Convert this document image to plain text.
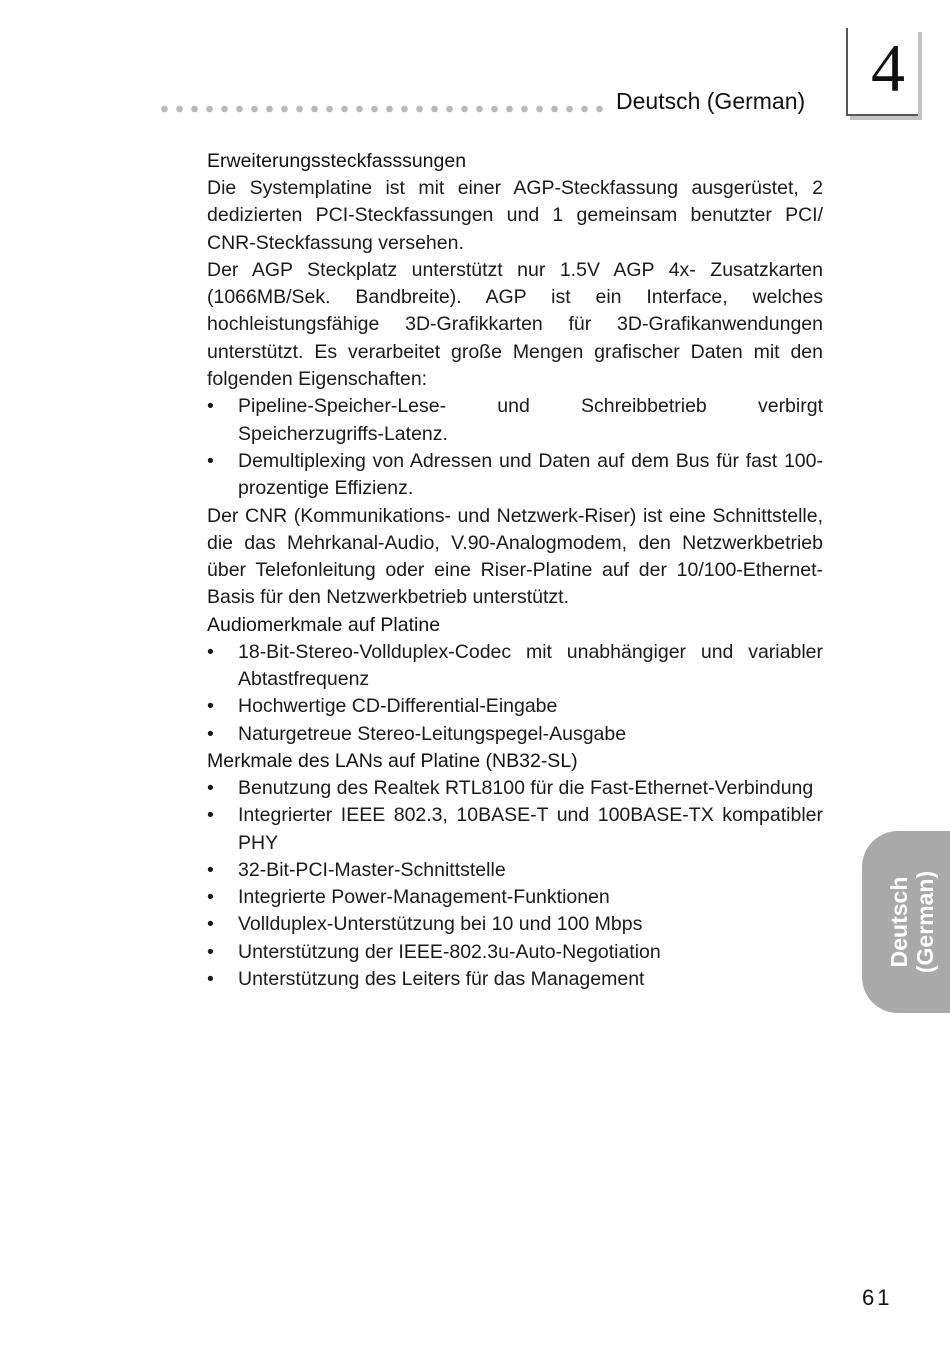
Deutsch (German) 4
Deutsch (German)
Erweiterungssteckfasssungen

Die Systemplatine ist mit einer AGP-Steckfassung ausgerüstet, 2 dedizierten PCI-Steckfassungen und 1 gemeinsam benutzter PCI/ CNR-Steckfassung versehen.

Der AGP Steckplatz unterstützt nur 1.5V AGP 4x- Zusatzkarten (1066MB/Sek. Bandbreite). AGP ist ein Interface, welches hochleistungsfähige 3D-Grafikkarten für 3D-Grafikanwendungen unterstützt. Es verarbeitet große Mengen grafischer Daten mit den folgenden Eigenschaften:

• Pipeline-Speicher-Lese- und Schreibbetrieb verbirgt Speicherzugriffs-Latenz.
• Demultiplexing von Adressen und Daten auf dem Bus für fast 100-prozentige Effizienz.

Der CNR (Kommunikations- und Netzwerk-Riser) ist eine Schnittstelle, die das Mehrkanal-Audio, V.90-Analogmodem, den Netzwerkbetrieb über Telefonleitung oder eine Riser-Platine auf der 10/100-Ethernet-Basis für den Netzwerkbetrieb unterstützt.

Audiomerkmale auf Platine
• 18-Bit-Stereo-Vollduplex-Codec mit unabhängiger und variabler Abtastfrequenz
• Hochwertige CD-Differential-Eingabe
• Naturgetreue Stereo-Leitungspegel-Ausgabe
Merkmale des LANs auf Platine (NB32-SL)
• Benutzung des Realtek RTL8100 für die Fast-Ethernet-Verbindung
• Integrierter IEEE 802.3, 10BASE-T und 100BASE-TX kompatibler PHY
• 32-Bit-PCI-Master-Schnittstelle
• Integrierte Power-Management-Funktionen
• Vollduplex-Unterstützung bei 10 und 100 Mbps
• Unterstützung der IEEE-802.3u-Auto-Negotiation
• Unterstützung des Leiters für das Management
61
